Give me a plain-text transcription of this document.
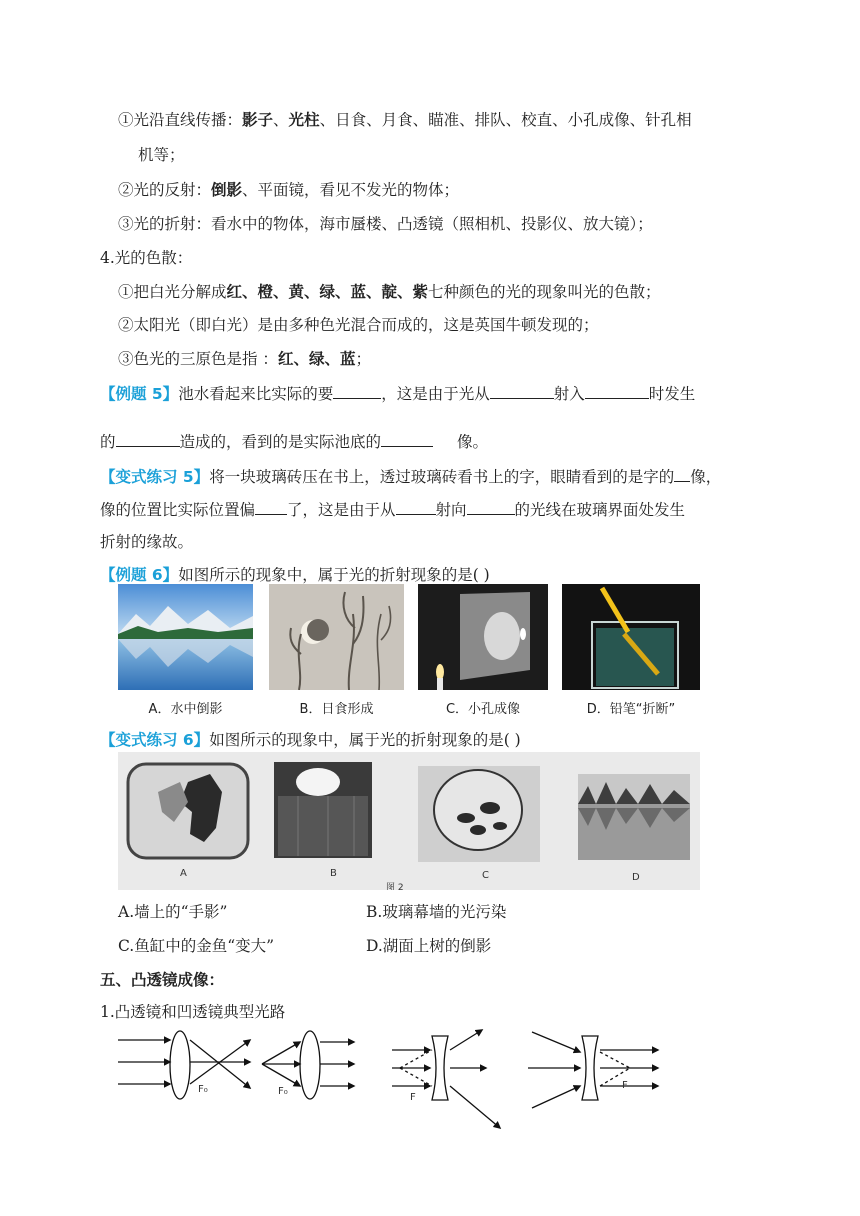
①光沿直线传播：影子、光柱、日食、月食、瞄准、排队、校直、小孔成像、针孔相
机等；
②光的反射：倒影、平面镜，看见不发光的物体；
③光的折射：看水中的物体，海市蜃楼、凸透镜（照相机、投影仪、放大镜）；
4.光的色散：
①把白光分解成红、橙、黄、绿、蓝、靛、紫七种颜色的光的现象叫光的色散；
②太阳光（即白光）是由多种色光混合而成的，这是英国牛顿发现的；
③色光的三原色是指 ：红、绿、蓝；
【例题 5】池水看起来比实际的要	，这是由于光从	射入	时发生
的	造成的，看到的是实际池底的	像。
【变式练习 5】将一块玻璃砖压在书上，透过玻璃砖看书上的字，眼睛看到的是字的 像，
像的位置比实际位置偏 了，这是由于从	射向	的光线在玻璃界面处发生
折射的缘故。
【例题 6】如图所示的现象中，属于光的折射现象的是( )
A．水中倒影	B．日食形成	C．小孔成像	D．铅笔“折断”
【变式练习 6】如图所示的现象中，属于光的折射现象的是( )
A	B	C	D
图 2
A.墙上的“手影”	B.玻璃幕墙的光污染
C.鱼缸中的金鱼“变大”	D.湖面上树的倒影
五、凸透镜成像：
1.凸透镜和凹透镜典型光路
F₀	F₀
F
F
